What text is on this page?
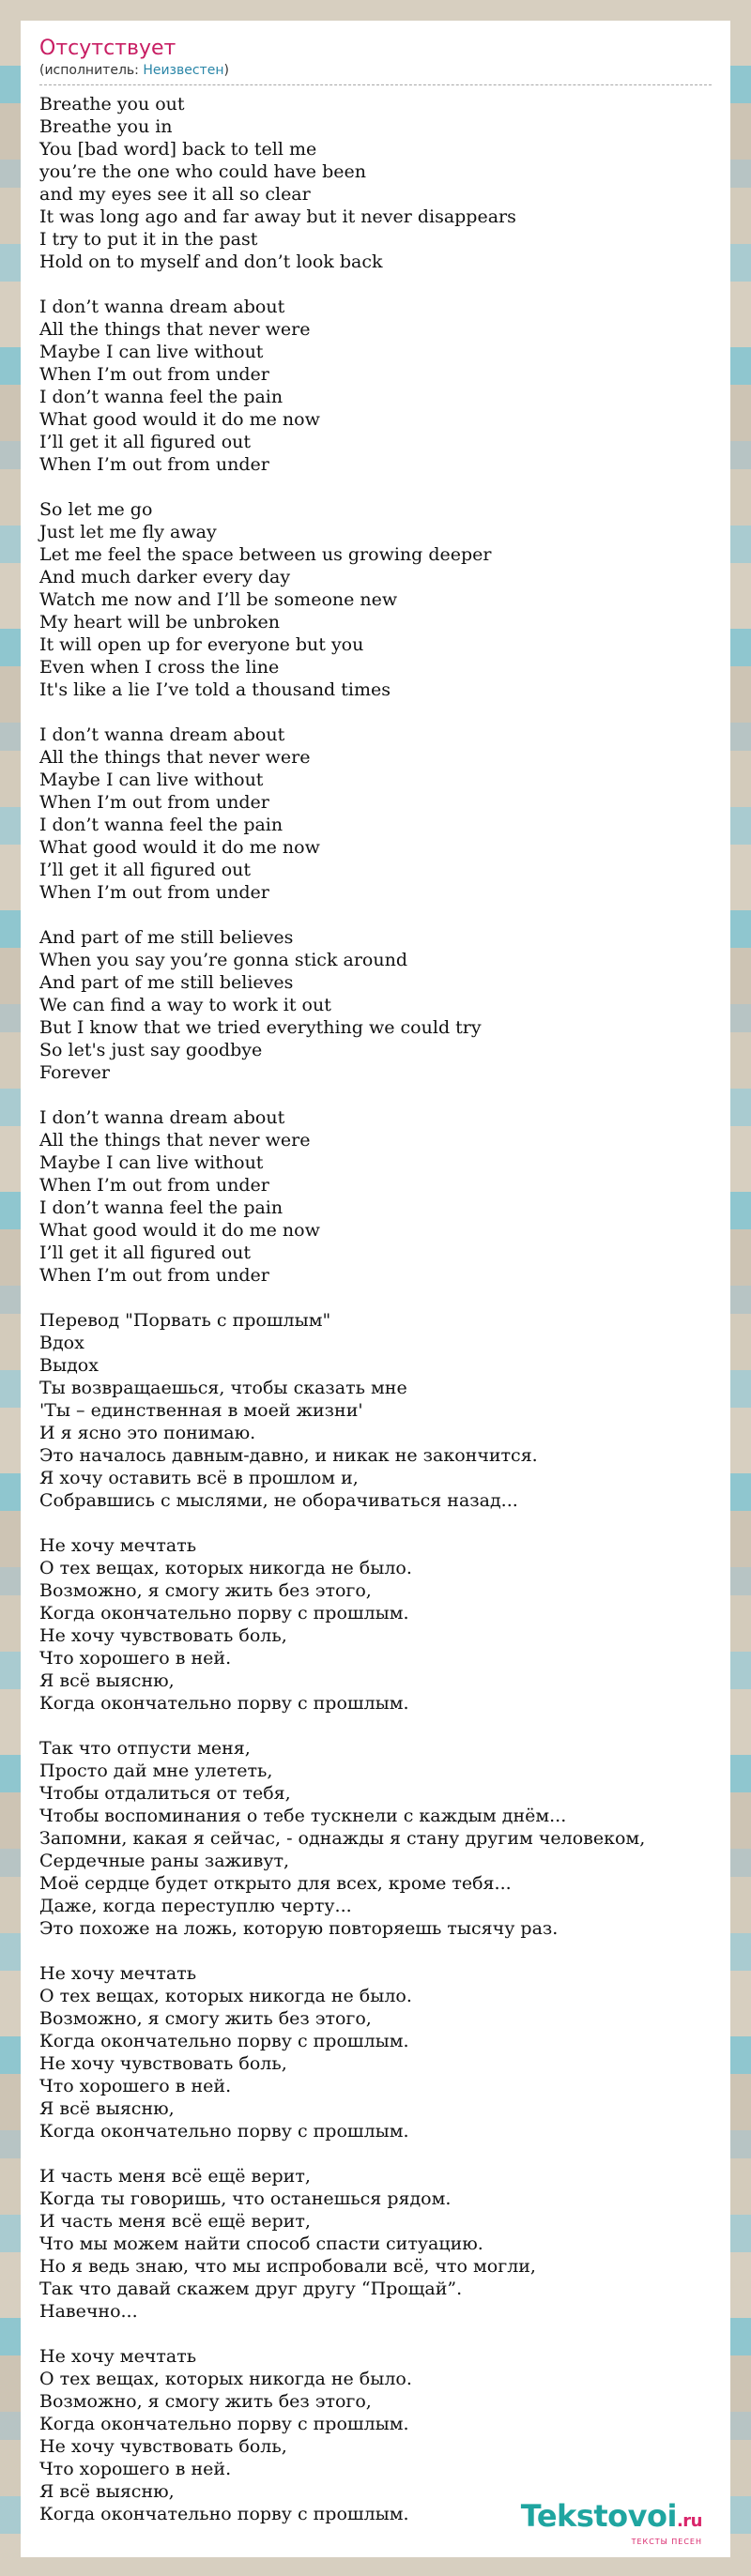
Отсутствует
(исполнитель: Неизвестен)
Breathe you out
Breathe you in
You [bad word] back to tell me
you’re the one who could have been
and my eyes see it all so clear
It was long ago and far away but it never disappears
I try to put it in the past
Hold on to myself and don’t look back

I don’t wanna dream about
All the things that never were
Maybe I can live without
When I’m out from under
I don’t wanna feel the pain
What good would it do me now
I’ll get it all figured out
When I’m out from under

So let me go
Just let me fly away
Let me feel the space between us growing deeper
And much darker every day
Watch me now and I’ll be someone new
My heart will be unbroken
It will open up for everyone but you
Even when I cross the line
It's like a lie I’ve told a thousand times

I don’t wanna dream about
All the things that never were
Maybe I can live without
When I’m out from under
I don’t wanna feel the pain
What good would it do me now
I’ll get it all figured out
When I’m out from under

And part of me still believes
When you say you’re gonna stick around
And part of me still believes
We can find a way to work it out
But I know that we tried everything we could try
So let's just say goodbye
Forever

I don’t wanna dream about
All the things that never were
Maybe I can live without
When I’m out from under
I don’t wanna feel the pain
What good would it do me now
I’ll get it all figured out
When I’m out from under

Перевод "Порвать с прошлым"
Вдох
Выдох
Ты возвращаешься, чтобы сказать мне
'Ты – единственная в моей жизни'
И я ясно это понимаю.
Это началось давным-давно, и никак не закончится.
Я хочу оставить всё в прошлом и,
Собравшись с мыслями, не оборачиваться назад...

Не хочу мечтать
О тех вещах, которых никогда не было.
Возможно, я смогу жить без этого,
Когда окончательно порву с прошлым.
Не хочу чувствовать боль,
Что хорошего в ней.
Я всё выясню,
Когда окончательно порву с прошлым.

Так что отпусти меня,
Просто дай мне улететь,
Чтобы отдалиться от тебя,
Чтобы воспоминания о тебе тускнели с каждым днём...
Запомни, какая я сейчас, - однажды я стану другим человеком,
Сердечные раны заживут,
Моё сердце будет открыто для всех, кроме тебя...
Даже, когда переступлю черту...
Это похоже на ложь, которую повторяешь тысячу раз.

Не хочу мечтать
О тех вещах, которых никогда не было.
Возможно, я смогу жить без этого,
Когда окончательно порву с прошлым.
Не хочу чувствовать боль,
Что хорошего в ней.
Я всё выясню,
Когда окончательно порву с прошлым.

И часть меня всё ещё верит,
Когда ты говоришь, что останешься рядом.
И часть меня всё ещё верит,
Что мы можем найти способ спасти ситуацию.
Но я ведь знаю, что мы испробовали всё, что могли,
Так что давай скажем друг другу “Прощай”.
Навечно...

Не хочу мечтать
О тех вещах, которых никогда не было.
Возможно, я смогу жить без этого,
Когда окончательно порву с прошлым.
Не хочу чувствовать боль,
Что хорошего в ней.
Я всё выясню,
Когда окончательно порву с прошлым.	Tekstovoi.ru
ТЕКСТЫ ПЕСЕН
